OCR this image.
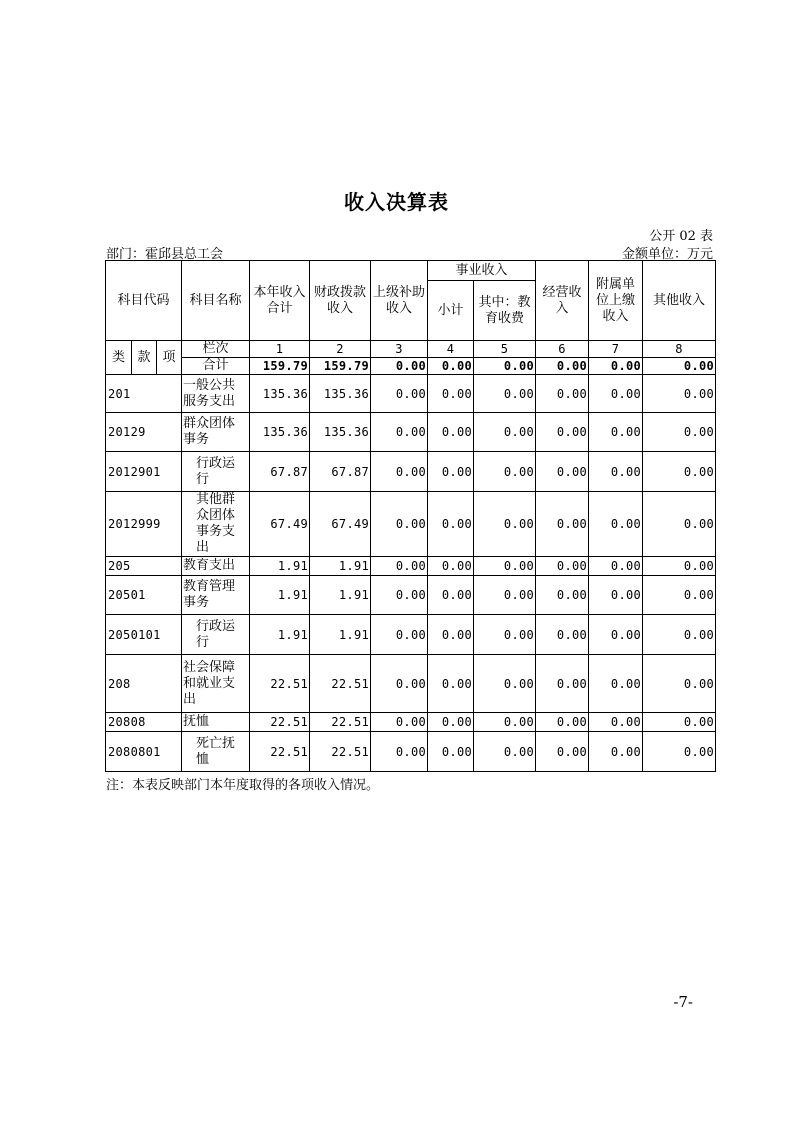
收入决算表
公开 02 表
部门：霍邱县总工会	金额单位：万元
科目代码			科目名称	本年收入合计	财政拨款收入	上级补助收入	事业收入		经营收入	附属单位上缴收入	其他收入
							小计	其中：教育收费			
类	款	项	栏次	1	2	3	4	5	6	7	8
			合计	159.79	159.79	0.00	0.00	0.00	0.00	0.00	0.00
201			一般公共服务支出	135.36	135.36	0.00	0.00	0.00	0.00	0.00	0.00
20129			群众团体事务	135.36	135.36	0.00	0.00	0.00	0.00	0.00	0.00
2012901			行政运行	67.87	67.87	0.00	0.00	0.00	0.00	0.00	0.00
2012999			其他群众团体事务支出	67.49	67.49	0.00	0.00	0.00	0.00	0.00	0.00
205			教育支出	1.91	1.91	0.00	0.00	0.00	0.00	0.00	0.00
20501			教育管理事务	1.91	1.91	0.00	0.00	0.00	0.00	0.00	0.00
2050101			行政运行	1.91	1.91	0.00	0.00	0.00	0.00	0.00	0.00
208			社会保障和就业支出	22.51	22.51	0.00	0.00	0.00	0.00	0.00	0.00
20808			抚恤	22.51	22.51	0.00	0.00	0.00	0.00	0.00	0.00
2080801			死亡抚恤	22.51	22.51	0.00	0.00	0.00	0.00	0.00	0.00
注：本表反映部门本年度取得的各项收入情况。
-7-
